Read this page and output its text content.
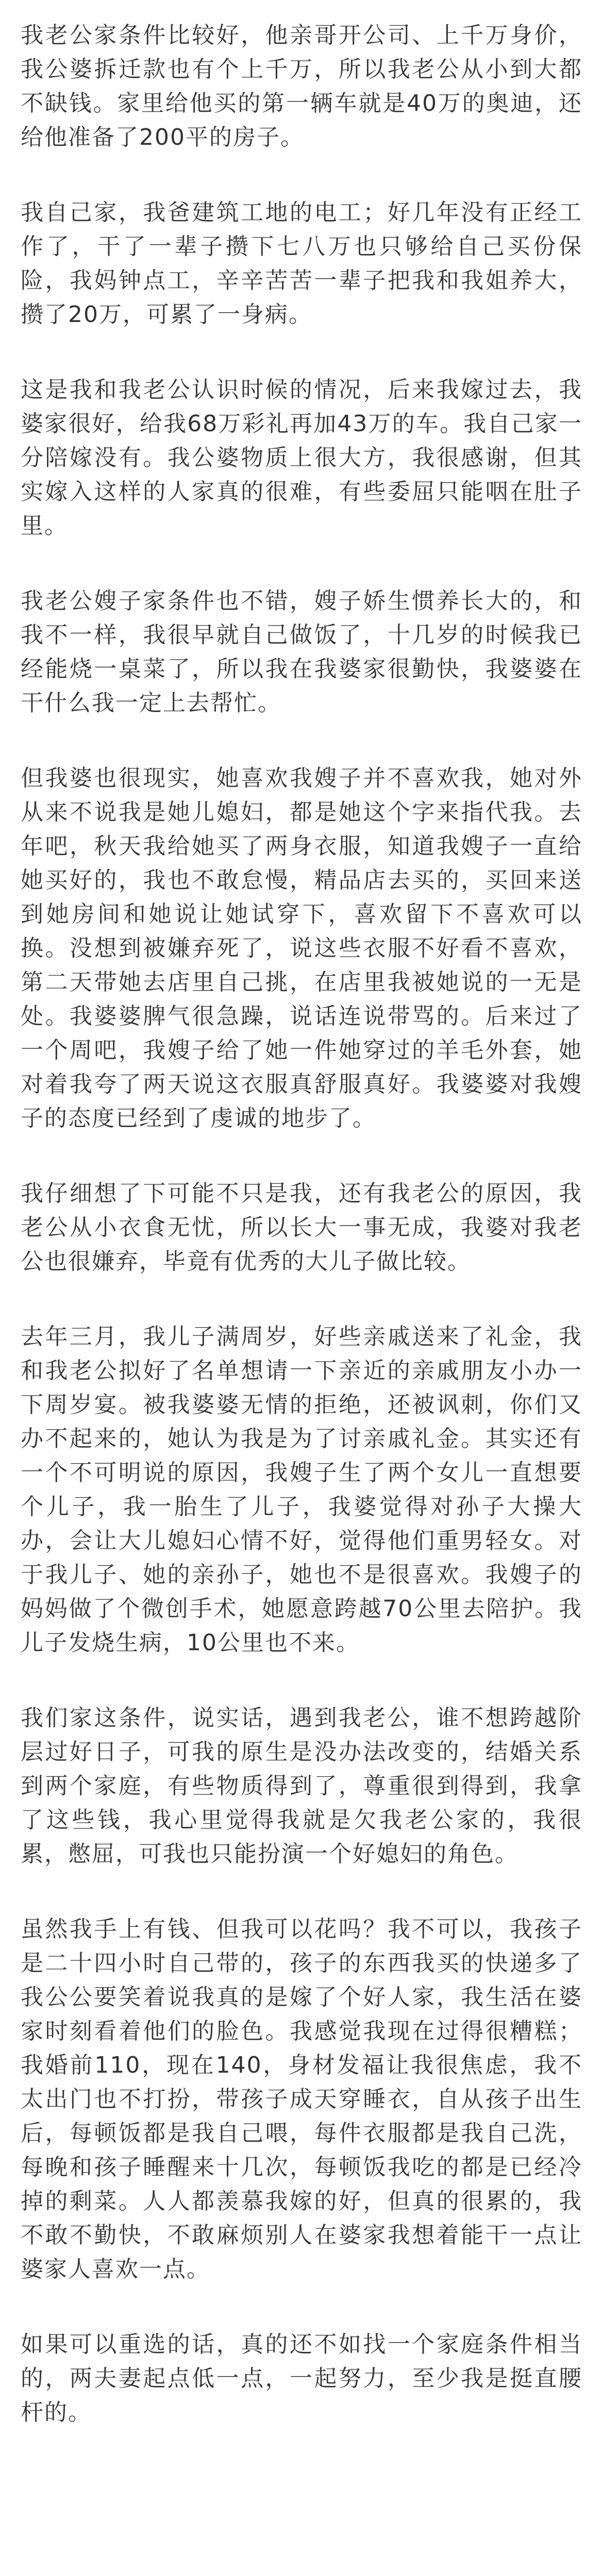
我老公家条件比较好，他亲哥开公司、上千万身价，我公婆拆迁款也有个上千万，所以我老公从小到大都不缺钱。家里给他买的第一辆车就是40万的奥迪，还给他准备了200平的房子。

我自己家，我爸建筑工地的电工；好几年没有正经工作了，干了一辈子攒下七八万也只够给自己买份保险，我妈钟点工，辛辛苦苦一辈子把我和我姐养大，攒了20万，可累了一身病。

这是我和我老公认识时候的情况，后来我嫁过去，我婆家很好，给我68万彩礼再加43万的车。我自己家一分陪嫁没有。我公婆物质上很大方，我很感谢，但其实嫁入这样的人家真的很难，有些委屈只能咽在肚子里。

我老公嫂子家条件也不错，嫂子娇生惯养长大的，和我不一样，我很早就自己做饭了，十几岁的时候我已经能烧一桌菜了，所以我在我婆家很勤快，我婆婆在干什么我一定上去帮忙。

但我婆也很现实，她喜欢我嫂子并不喜欢我，她对外从来不说我是她儿媳妇，都是她这个字来指代我。去年吧，秋天我给她买了两身衣服，知道我嫂子一直给她买好的，我也不敢怠慢，精品店去买的，买回来送到她房间和她说让她试穿下，喜欢留下不喜欢可以换。没想到被嫌弃死了，说这些衣服不好看不喜欢，第二天带她去店里自己挑，在店里我被她说的一无是处。我婆婆脾气很急躁，说话连说带骂的。后来过了一个周吧，我嫂子给了她一件她穿过的羊毛外套，她对着我夸了两天说这衣服真舒服真好。我婆婆对我嫂子的态度已经到了虔诚的地步了。

我仔细想了下可能不只是我，还有我老公的原因，我老公从小衣食无忧，所以长大一事无成，我婆对我老公也很嫌弃，毕竟有优秀的大儿子做比较。

去年三月，我儿子满周岁，好些亲戚送来了礼金，我和我老公拟好了名单想请一下亲近的亲戚朋友小办一下周岁宴。被我婆婆无情的拒绝，还被讽刺，你们又办不起来的，她认为我是为了讨亲戚礼金。其实还有一个不可明说的原因，我嫂子生了两个女儿一直想要个儿子，我一胎生了儿子，我婆觉得对孙子大操大办，会让大儿媳妇心情不好，觉得他们重男轻女。对于我儿子、她的亲孙子，她也不是很喜欢。我嫂子的妈妈做了个微创手术，她愿意跨越70公里去陪护。我儿子发烧生病，10公里也不来。

我们家这条件，说实话，遇到我老公，谁不想跨越阶层过好日子，可我的原生是没办法改变的，结婚关系到两个家庭，有些物质得到了，尊重很到得到，我拿了这些钱，我心里觉得我就是欠我老公家的，我很累，憋屈，可我也只能扮演一个好媳妇的角色。

虽然我手上有钱、但我可以花吗？我不可以，我孩子是二十四小时自己带的，孩子的东西我买的快递多了我公公要笑着说我真的是嫁了个好人家，我生活在婆家时刻看着他们的脸色。我感觉我现在过得很糟糕；我婚前110，现在140，身材发福让我很焦虑，我不太出门也不打扮，带孩子成天穿睡衣，自从孩子出生后，每顿饭都是我自己喂，每件衣服都是我自己洗，每晚和孩子睡醒来十几次，每顿饭我吃的都是已经冷掉的剩菜。人人都羡慕我嫁的好，但真的很累的，我不敢不勤快，不敢麻烦别人在婆家我想着能干一点让婆家人喜欢一点。

如果可以重选的话，真的还不如找一个家庭条件相当的，两夫妻起点低一点，一起努力，至少我是挺直腰杆的。
